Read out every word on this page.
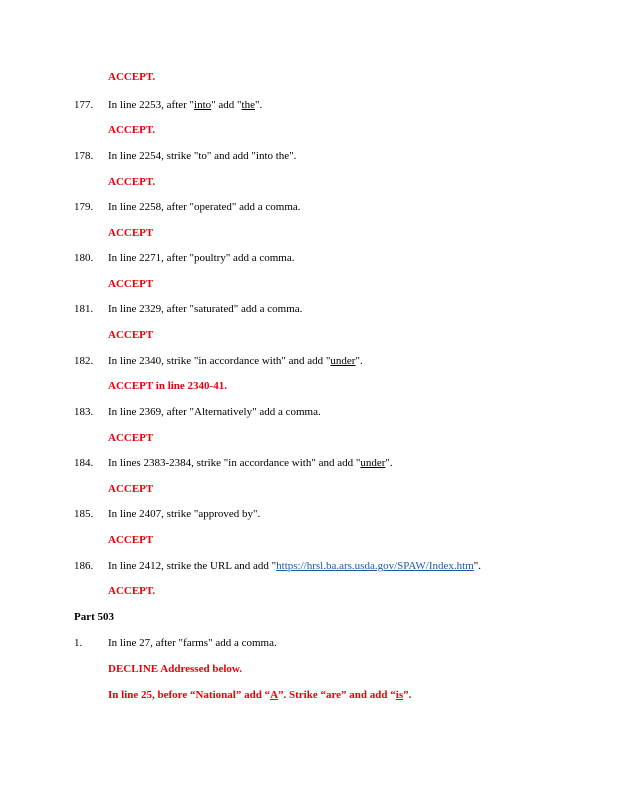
ACCEPT.
177.	In line 2253, after "into" add "the".
ACCEPT.
178.	In line 2254, strike "to" and add "into the".
ACCEPT.
179.	In line 2258, after "operated" add a comma.
ACCEPT
180.	In line 2271, after "poultry" add a comma.
ACCEPT
181.	In line 2329, after "saturated" add a comma.
ACCEPT
182.	In line 2340, strike "in accordance with" and add "under".
ACCEPT in line 2340-41.
183.	In line 2369, after "Alternatively" add a comma.
ACCEPT
184.	In lines 2383-2384, strike "in accordance with" and add "under".
ACCEPT
185.	In line 2407, strike "approved by".
ACCEPT
186.	In line 2412, strike the URL and add "https://hrsl.ba.ars.usda.gov/SPAW/Index.htm".
ACCEPT.
Part 503
1.	In line 27, after "farms" add a comma.
DECLINE Addressed below.
In line 25, before “National” add “A”. Strike “are” and add “is”.
